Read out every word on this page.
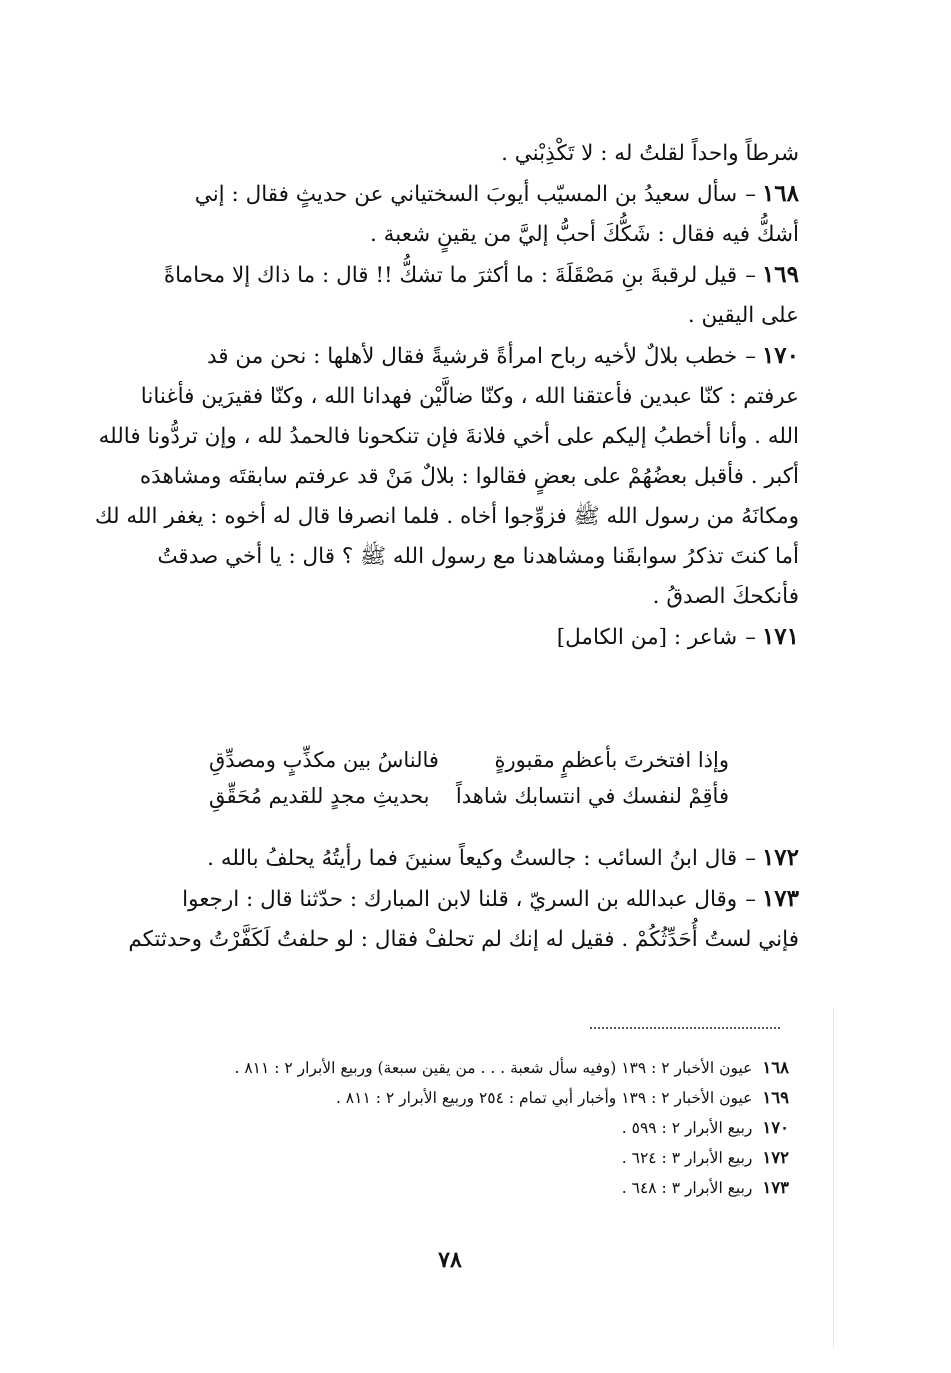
شرطاً واحداً لقلتُ له : لا تَكْذِبْني .

١٦٨–سأل سعيدُ بن المسيّب أيوبَ السختياني عن حديثٍ فقال : إني

أشكُّ فيه فقال : شَكُّكَ أحبُّ إليَّ من يقينٍ شعبة .

١٦٩–قيل لرقبةَ بنِ مَصْقَلَةَ : ما أكثرَ ما تشكُّ !! قال : ما ذاك إلا محاماةً

على اليقين .

١٧٠–خطب بلالٌ لأخيه رباح امرأةً قرشيةً فقال لأهلها : نحن من قد

عرفتم : كنّا عبدين فأعتقنا الله ، وكنّا ضالَّيْن فهدانا الله ، وكنّا فقيرَين فأغنانا

الله . وأنا أخطبُ إليكم على أخي فلانةَ فإن تنكحونا فالحمدُ لله ، وإن تردُّونا فالله

أكبر . فأقبل بعضُهُمْ على بعضٍ فقالوا : بلالٌ مَنْ قد عرفتم سابقتَه ومشاهدَه

ومكانَهُ من رسول الله ﷺ فزوِّجوا أخاه . فلما انصرفا قال له أخوه : يغفر الله لك

أما كنتَ تذكرُ سوابقَنا ومشاهدنا مع رسول الله ﷺ ؟ قال : يا أخي صدقتُ

فأنكحكَ الصدقُ .

١٧١–شاعر : [من الكامل]

وإذا افتخرتَ بأعظمٍ مقبورةٍ
فالناسُ بين مكذِّبٍ ومصدِّقِ
فأقِمْ لنفسك في انتسابك شاهداً
بحديثِ مجدٍ للقديم مُحَقِّقِ

١٧٢–قال ابنُ السائب : جالستُ وكيعاً سنينَ فما رأيتُهُ يحلفُ بالله .

١٧٣–وقال عبدالله بن السريّ ، قلنا لابن المبارك : حدّثنا قال : ارجعوا

فإني لستُ أُحَدِّثُكُمْ . فقيل له إنك لم تحلفْ فقال : لو حلفتُ لَكَفَّرْتُ وحدثتكم

١٦٨عيون الأخبار ٢ : ١٣٩ (وفيه سأل شعبة . . . من يقين سبعة) وربيع الأبرار ٢ : ٨١١ .
١٦٩عيون الأخبار ٢ : ١٣٩ وأخبار أبي تمام : ٢٥٤ وربيع الأبرار ٢ : ٨١١ .
١٧٠ربيع الأبرار ٢ : ٥٩٩ .
١٧٢ربيع الأبرار ٣ : ٦٢٤ .
١٧٣ربيع الأبرار ٣ : ٦٤٨ .
٧٨
